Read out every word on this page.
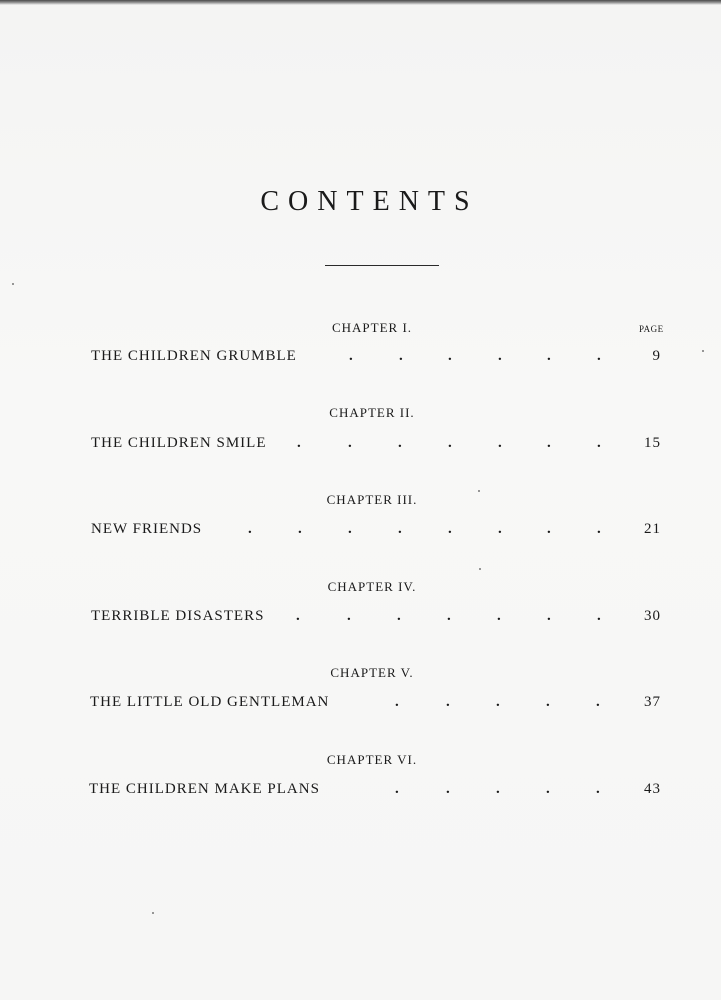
CONTENTS
PAGE
CHAPTER I.
THE CHILDREN GRUMBLE	.	.	.	.	.	.	9
CHAPTER II.
THE CHILDREN SMILE .	.	.	.	.	.	.	15
CHAPTER III.
NEW FRIENDS	.	.	.	.	.	.	.	.	21
CHAPTER IV.
TERRIBLE DISASTERS .	.	.	.	.	.	.	30
CHAPTER V.
THE LITTLE OLD GENTLEMAN	.	.	.	.	.	37
CHAPTER VI.
THE CHILDREN MAKE PLANS	.	.	.	.	.	43
